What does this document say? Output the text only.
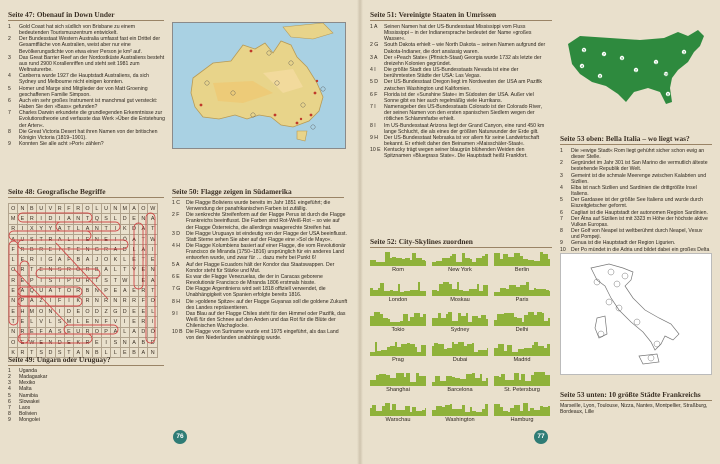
Seite 47: Obenauf in Down Under
1	Gold Coast hat sich südlich von Brisbane zu einem bedeutenden Tourismuszentrum entwickelt.
2	Der Bundesstaat Western Australia umfasst fast ein Drittel der Gesamtfläche von Australien, weist aber nur eine Bevölkerungsdichte von etwa einer Person je km² auf.
3	Das Great Barrier Reef an der Nordostküste Australiens besteht aus rund 2900 Korallenriffen und steht seit 1981 zum Weltnaturerbe.
4	Canberra wurde 1927 die Hauptstadt Australiens, da sich Sydney und Melbourne nicht einigen konnten.
5	Homer und Marge sind Mitglieder der von Matt Groening geschaffenen Familie Simpson.
6	Auch ein sehr großes Instrument ist manchmal gut versteckt: Haben Sie den »Bass« gefunden?
7	Charles Darwin erkundete die grundlegenden Erkenntnisse zur Evolutionstheorie und verfasste das Werk »Über die Entstehung der Arten«.
8	Die Great Victoria Desert hat ihren Namen von der britischen Königin Victoria (1819–1901).
9	Konnten Sie alle acht »Port« zählen?
Seite 48: Geografische Begriffe
O	N	B	U	V	R	F	R	O	L	U	N	M	A	O	W
M	E	R	I	D	I	A	N	T	Q	S	L	D	E	N	A
R	I	X	Y	Y	A	T	L	A	N	T	I	K	D	A	T
A	U	S	T	R	A	L	I	E	N	E	I	Ö	A	T	W
F	R	B	R	E	I	T	E	N	G	R	A	D	L	A	I
L	E	R	I	G	A	F	B	A	J	O	K	L	E	T	E
O	R	T	E	N	S	R	O	R	B	A	L	T	V	E	N
R	E	P	I	S	I	P	O	R	T	S	T	W	I	E	A
E	A	Q	U	A	T	O	R	B	N	P	E	A	E	R	T
N	P	A	Z	I	F	I	K	R	N	R	N	R	R	F	O
E	H	M	O	N	I	D	E	O	D	Z	G	D	E	E	L
T	E	L	V	L	S	M	L	E	N	F	V	I	E	R	I
N	R	E	F	A	S	E	U	R	O	P	A	L	A	D	Ö
O	E	W	E	N	D	E	K	R	E	I	S	N	A	B	D
K	R	T	S	D	S	T	A	N	B	L	L	E	B	A	N
Seite 49: Ungarn oder Uruguay?
1	Uganda
2	Madagaskar
3	Mexiko
4	Malta
5	Namibia
6	Slowakei
7	Laos
8	Bolivien
9	Mongolei
Seite 50: Flagge zeigen in Südamerika
1 C	Die Flagge Boliviens wurde bereits im Jahr 1851 eingeführt; die Verwendung der panafrikanischen Farben ist zufällig.
2 F	Die senkrechte Streifenform auf der Flagge Perus ist durch die Flagge Frankreichs beeinflusst. Die Farben sind Rot-Weiß-Rot – so wie auf der Flagge Österreichs, die allerdings waagerechte Streifen hat.
3 D	Die Flagge Uruguays ist eindeutig von der Flagge der USA beeinflusst. Statt Sterne sehen Sie aber auf der Flagge eine »Sol de Mayo«.
4 H	Die Flagge Kolumbiens basiert auf einer Flagge, die vom Revolutionär Francisco de Miranda (1750–1816) ursprünglich für ein anderes Land entworfen wurde, und zwar für … dazu mehr bei Punkt 6!
5 A	Auf der Flagge Ecuadors hält der Kondor das Staatswappen. Der Kondor steht für Stärke und Mut.
6 E	Es war die Flagge Venezuelas, die der in Caracas geborene Revolutionär Francisco de Miranda 1806 erstmals hisste.
7 G	Die Flagge Argentiniens wird seit 1818 offiziell verwendet, die Unabhängigkeit von Spanien erfolgte bereits 1816.
8 H	Die »goldene Spitze« auf der Flagge Guyanas soll die goldene Zukunft des Landes repräsentieren.
9 I	Das Blau auf der Flagge Chiles steht für den Himmel oder Pazifik, das Weiß für den Schnee auf den Anden und das Rot für die Blüte der Chilenischen Wachsglocke.
10 B Die Flagge von Suriname wurde erst 1975 eingeführt, als das Land von den Niederlanden unabhängig wurde.
76
Seite 51: Vereinigte Staaten in Umrissen
1 A	Seinen Namen hat der US-Bundesstaat Mississippi vom Fluss Mississippi – in der Indianersprache bedeutet der Name »großes Wasser«.
2 G	South Dakota erhielt – wie North Dakota – seinen Namen aufgrund der Dakota-Indianer, die dort ansässig waren.
3 A	Der »Peach State« (Pfirsich-Staat) Georgia wurde 1732 als letzte der dreizehn Kolonien gegründet.
4 I	Die größte Stadt des US-Bundesstaats Nevada ist eine der berühmtesten Städte der USA: Las Vegas.
5 D	Der US-Bundesstaat Oregon liegt im Nordwesten der USA am Pazifik zwischen Washington und Kalifornien.
6 F	Florida ist der »Sunshine State« im Südosten der USA. Außer viel Sonne gibt es hier auch regelmäßig viele Hurrikans.
7 I	Namensgeber des US-Bundesstaats Colorado ist der Colorado River, der seinen Namen von den ersten spanischen Siedlern wegen der rötlichen Schlammfarbe erhielt.
8 I	Im US-Bundesstaat Arizona liegt der Grand Canyon, eine rund 450 km lange Schlucht, die als eines der größten Naturwunder der Erde gilt.
9 H	Der US-Bundesstaat Nebraska ist vor allem für seine Landwirtschaft bekannt. Er erhielt daher den Beinamen »Maisschäler-Staat«.
10 E Kentucky trägt wegen seiner blaugrün blühenden Weiden den Spitznamen »Bluegrass State«. Die Hauptstadt heißt Frankfort.
5
4
7
9
2
1
10
6
3
8
Seite 52: City-Skylines zuordnen
Rom	New York	Berlin
London	Moskau	Paris
Tokio	Sydney	Delhi
Prag	Dubai	Madrid
Shanghai	Barcelona	St. Petersburg
Warschau	Washington	Hamburg
Seite 53 oben: Bella Italia – wo liegt was?
1	Die »ewige Stadt« Rom liegt gehührt sicher schon ewig an dieser Stelle.
2	Gegründet im Jahr 301 ist San Marino die vermutlich älteste bestehende Republik der Welt.
3	Gemeint ist die schmale Meerenge zwischen Kalabrien und Sizilien.
4	Elba ist nach Sizilien und Sardinien die drittgrößte Insel Italiens.
5	Der Gardasee ist der größte See Italiens und wurde durch Eiszeitgletscher geformt.
6	Cagliari ist die Hauptstadt der autonomen Region Sardinien.
7	Der Ätna auf Sizilien ist mit 3323 m Höhe der höchste aktive Vulkan Europas.
8	Der Golf von Neapel ist weltberühmt durch Neapel, Vesuv und Pompeji.
9	Genua ist die Hauptstadt der Region Ligurien.
10	Der Po mündet in die Adria und bildet dabei ein großes Delta
Seite 53 unten: 10 größte Städte Frankreichs
Marseille, Lyon, Toulouse, Nizza, Nantes, Montpellier, Straßburg, Bordeaux, Lille
77
